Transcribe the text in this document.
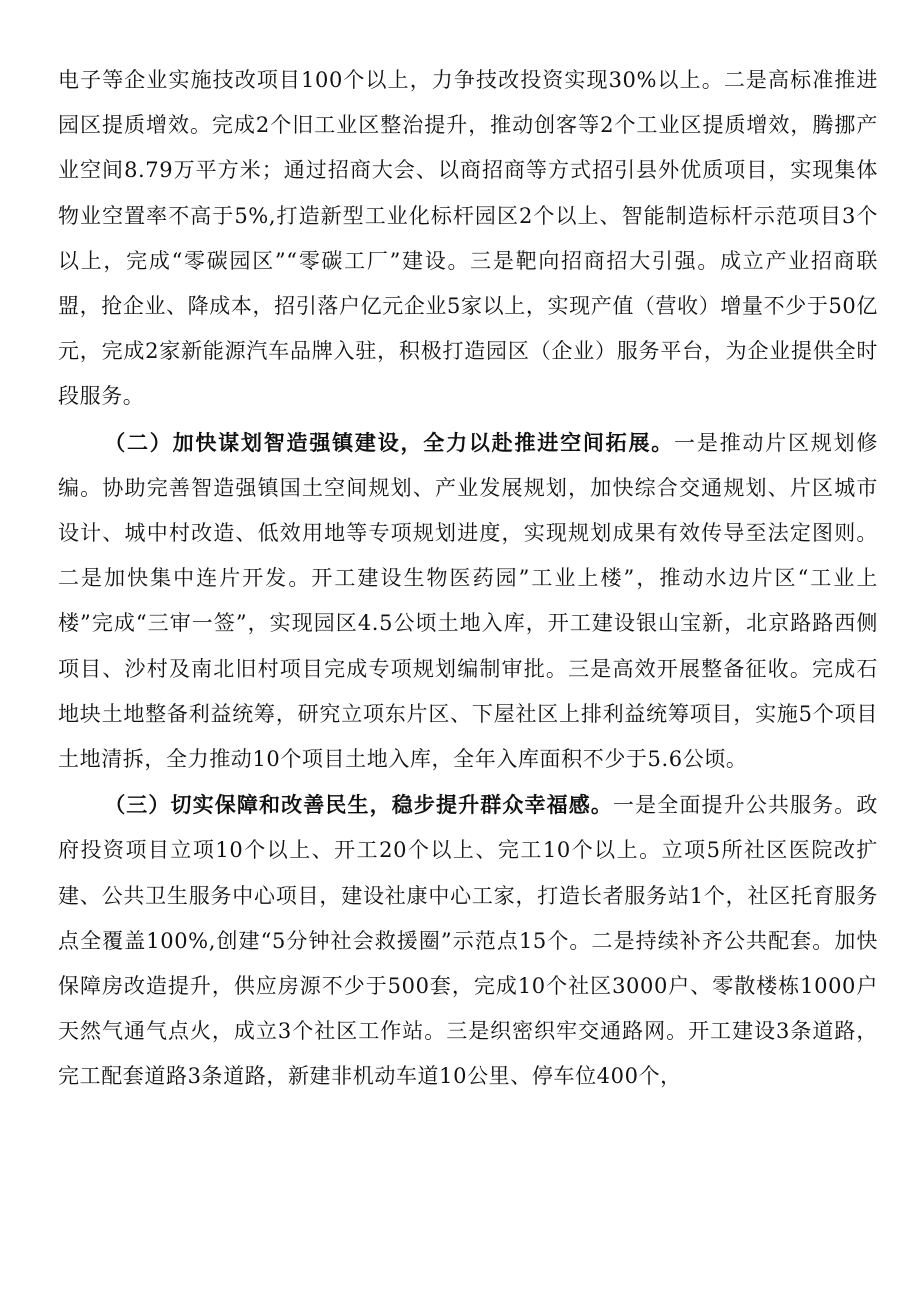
电子等企业实施技改项目100个以上，力争技改投资实现30%以上。二是高标准推进园区提质增效。完成2个旧工业区整治提升，推动创客等2个工业区提质增效，腾挪产业空间8.79万平方米；通过招商大会、以商招商等方式招引县外优质项目，实现集体物业空置率不高于5%,打造新型工业化标杆园区2个以上、智能制造标杆示范项目3个以上，完成“零碳园区”“零碳工厂”建设。三是靶向招商招大引强。成立产业招商联盟，抢企业、降成本，招引落户亿元企业5家以上，实现产值（营收）增量不少于50亿元，完成2家新能源汽车品牌入驻，积极打造园区（企业）服务平台，为企业提供全时段服务。

（二）加快谋划智造强镇建设，全力以赴推进空间拓展。一是推动片区规划修编。协助完善智造强镇国土空间规划、产业发展规划，加快综合交通规划、片区城市设计、城中村改造、低效用地等专项规划进度，实现规划成果有效传导至法定图则。二是加快集中连片开发。开工建设生物医药园”工业上楼”，推动水边片区“工业上楼”完成“三审一签”，实现园区4.5公顷土地入库，开工建设银山宝新，北京路路西侧项目、沙村及南北旧村项目完成专项规划编制审批。三是高效开展整备征收。完成石地块土地整备利益统筹，研究立项东片区、下屋社区上排利益统筹项目，实施5个项目土地清拆，全力推动10个项目土地入库，全年入库面积不少于5.6公顷。

（三）切实保障和改善民生，稳步提升群众幸福感。一是全面提升公共服务。政府投资项目立项10个以上、开工20个以上、完工10个以上。立项5所社区医院改扩建、公共卫生服务中心项目，建设社康中心工家，打造长者服务站1个，社区托育服务点全覆盖100%,创建“5分钟社会救援圈”示范点15个。二是持续补齐公共配套。加快保障房改造提升，供应房源不少于500套，完成10个社区3000户、零散楼栋1000户天然气通气点火，成立3个社区工作站。三是织密织牢交通路网。开工建设3条道路，完工配套道路3条道路，新建非机动车道10公里、停车位400个，
